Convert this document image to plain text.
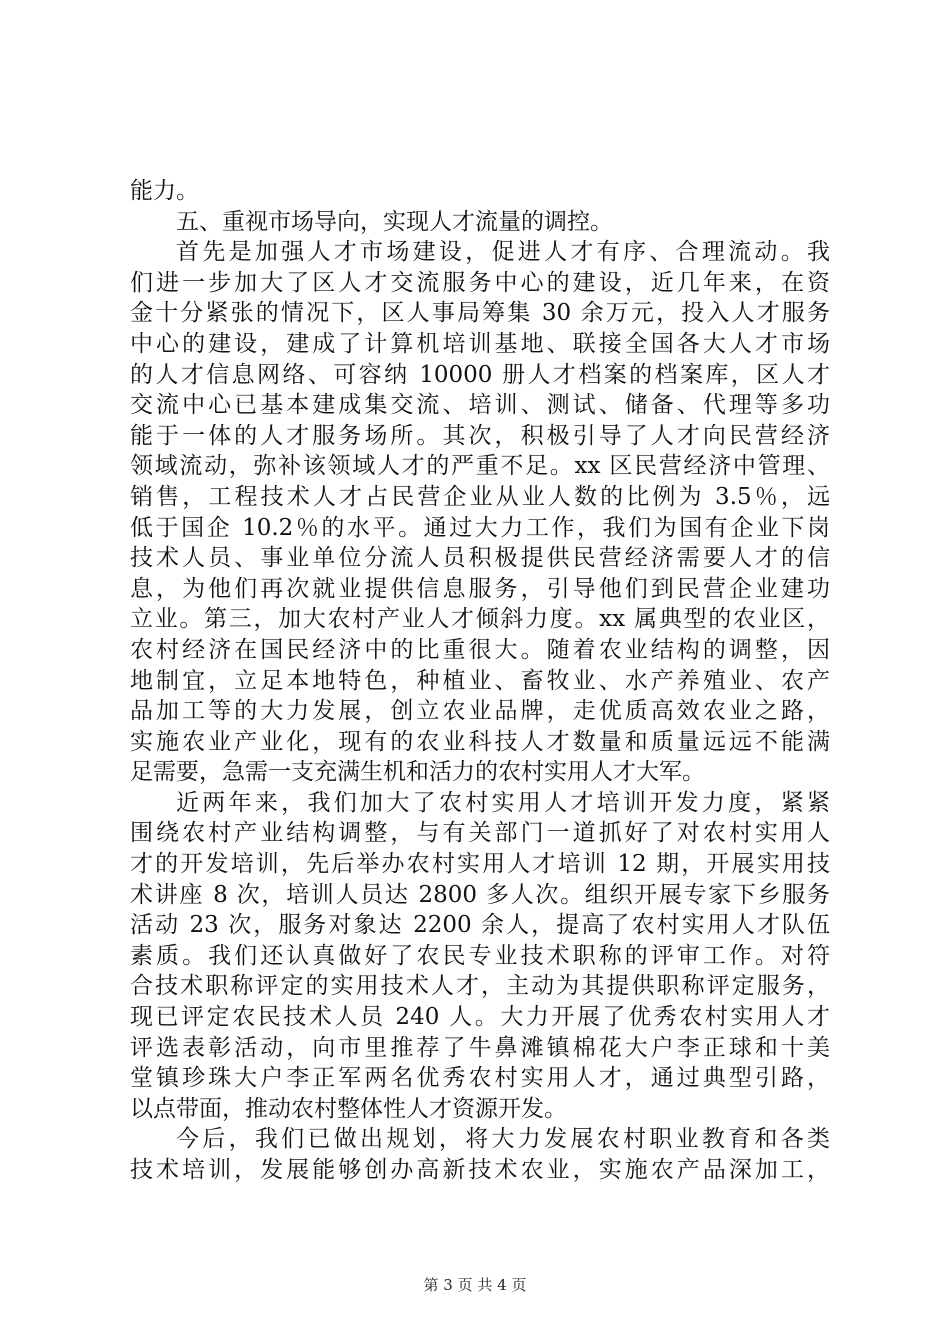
能力。
五、重视市场导向，实现人才流量的调控。
首先是加强人才市场建设，促进人才有序、合理流动。我
们进一步加大了区人才交流服务中心的建设，近几年来，在资
金十分紧张的情况下，区人事局筹集 30 余万元，投入人才服务
中心的建设，建成了计算机培训基地、联接全国各大人才市场
的人才信息网络、可容纳 10000 册人才档案的档案库，区人才
交流中心已基本建成集交流、培训、测试、储备、代理等多功
能于一体的人才服务场所。其次，积极引导了人才向民营经济
领域流动，弥补该领域人才的严重不足。xx 区民营经济中管理、
销售，工程技术人才占民营企业从业人数的比例为 3.5％，远
低于国企 10.2％的水平。通过大力工作，我们为国有企业下岗
技术人员、事业单位分流人员积极提供民营经济需要人才的信
息，为他们再次就业提供信息服务，引导他们到民营企业建功
立业。第三，加大农村产业人才倾斜力度。xx 属典型的农业区，
农村经济在国民经济中的比重很大。随着农业结构的调整，因
地制宜，立足本地特色，种植业、畜牧业、水产养殖业、农产
品加工等的大力发展，创立农业品牌，走优质高效农业之路，
实施农业产业化，现有的农业科技人才数量和质量远远不能满
足需要，急需一支充满生机和活力的农村实用人才大军。
近两年来，我们加大了农村实用人才培训开发力度，紧紧
围绕农村产业结构调整，与有关部门一道抓好了对农村实用人
才的开发培训，先后举办农村实用人才培训 12 期，开展实用技
术讲座 8 次，培训人员达 2800 多人次。组织开展专家下乡服务
活动 23 次，服务对象达 2200 余人，提高了农村实用人才队伍
素质。我们还认真做好了农民专业技术职称的评审工作。对符
合技术职称评定的实用技术人才，主动为其提供职称评定服务，
现已评定农民技术人员 240 人。大力开展了优秀农村实用人才
评选表彰活动，向市里推荐了牛鼻滩镇棉花大户李正球和十美
堂镇珍珠大户李正军两名优秀农村实用人才，通过典型引路，
以点带面，推动农村整体性人才资源开发。
今后，我们已做出规划，将大力发展农村职业教育和各类
技术培训，发展能够创办高新技术农业，实施农产品深加工，
第 3 页 共 4 页
